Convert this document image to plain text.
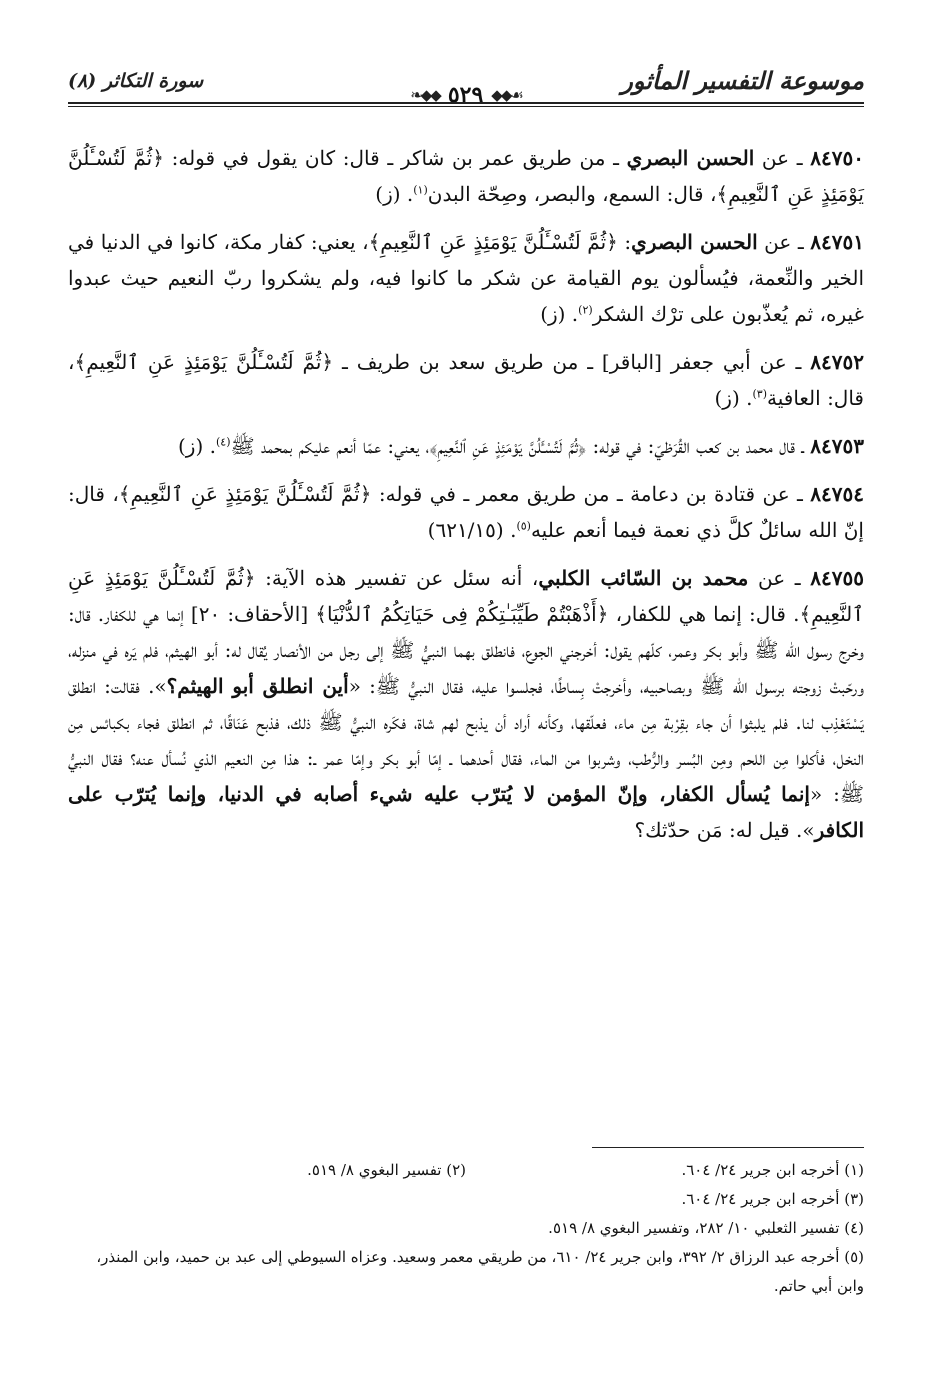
موسوعة التفسير المأثور
❧◆◆ ٥٢٩ ◆◆☙
سورة التكاثر (٨)

٨٤٧٥٠ ـ عن الحسن البصري ـ من طريق عمر بن شاكر ـ قال: كان يقول في قوله: ﴿ثُمَّ لَتُسْـَٔلُنَّ يَوْمَئِذٍ عَنِ ٱلنَّعِيمِ﴾، قال: السمع، والبصر، وصِحّة البدن$^{(١)}$. (ز)

٨٤٧٥١ ـ عن الحسن البصري: ﴿ثُمَّ لَتُسْـَٔلُنَّ يَوْمَئِذٍ عَنِ ٱلنَّعِيمِ﴾، يعني: كفار مكة، كانوا في الدنيا في الخير والنِّعمة، فيُسألون يوم القيامة عن شكر ما كانوا فيه، ولم يشكروا ربّ النعيم حيث عبدوا غيره، ثم يُعذّبون على ترْك الشكر$^{(٢)}$. (ز)

٨٤٧٥٢ ـ عن أبي جعفر [الباقر] ـ من طريق سعد بن طريف ـ ﴿ثُمَّ لَتُسْـَٔلُنَّ يَوْمَئِذٍ عَنِ ٱلنَّعِيمِ﴾، قال: العافية$^{(٣)}$. (ز)

٨٤٧٥٣ ـ قال محمد بن كعب القُرَظيّ: في قوله: ﴿ثُمَّ لَتُسْـَٔلُنَّ يَوْمَئِذٍ عَنِ ٱلنَّعِيمِ﴾، يعني: عمّا أنعم عليكم بمحمد ﷺ$^{(٤)}$. (ز)

٨٤٧٥٤ ـ عن قتادة بن دعامة ـ من طريق معمر ـ في قوله: ﴿ثُمَّ لَتُسْـَٔلُنَّ يَوْمَئِذٍ عَنِ ٱلنَّعِيمِ﴾، قال: إنّ الله سائلٌ كلَّ ذي نعمة فيما أنعم عليه$^{(٥)}$. (٦٢١/١٥)

٨٤٧٥٥ ـ عن محمد بن السّائب الكلبي، أنه سئل عن تفسير هذه الآية: ﴿ثُمَّ لَتُسْـَٔلُنَّ يَوْمَئِذٍ عَنِ ٱلنَّعِيمِ﴾. قال: إنما هي للكفار، ﴿أَذْهَبْتُمْ طَيِّبَـٰتِكُمْ فِى حَيَاتِكُمُ ٱلدُّنْيَا﴾ [الأحقاف: ٢٠] إنما هي للكفار. قال: وخرج رسول الله ﷺ وأبو بكر وعمر، كلّهم يقول: أخرجني الجوع، فانطلق بهما النبيُّ ﷺ إلى رجل من الأنصار يُقال له: أبو الهيثم، فلم يَره في منزله، ورحّبتْ زوجته برسول الله ﷺ وبصاحبيه، وأخرجتْ بِساطًا، فجلسوا عليه، فقال النبيُّ ﷺ: «أين انطلق أبو الهيثم؟». فقالت: انطلق يَسْتَعْذِب لنا. فلم يلبثوا أن جاء بقِرْبة مِن ماء، فعلّقها، وكأنه أراد أن يذبح لهم شاة، فكَره النبيُّ ﷺ ذلك، فذبح عَنَاقًا، ثم انطلق فجاء بكبائس مِن النخل، فأكلوا مِن اللحم ومِن البُسر والرُّطب، وشربوا من الماء، فقال أحدهما ـ إمّا أبو بكر وإمّا عمر ـ: هذا مِن النعيم الذي نُسأل عنه؟ فقال النبيُّ ﷺ: «إنما يُسأل الكفار، وإنّ المؤمن لا يُترّب عليه شيء أصابه في الدنيا، وإنما يُترّب على الكافر». قيل له: مَن حدّثك؟

(١) أخرجه ابن جرير ٢٤/ ٦٠٤.

(٢) تفسير البغوي ٨/ ٥١٩.

(٣) أخرجه ابن جرير ٢٤/ ٦٠٤.

(٤) تفسير الثعلبي ١٠/ ٢٨٢، وتفسير البغوي ٨/ ٥١٩.

(٥) أخرجه عبد الرزاق ٢/ ٣٩٢، وابن جرير ٢٤/ ٦١٠، من طريقي معمر وسعيد. وعزاه السيوطي إلى عبد بن حميد، وابن المنذر، وابن أبي حاتم.
